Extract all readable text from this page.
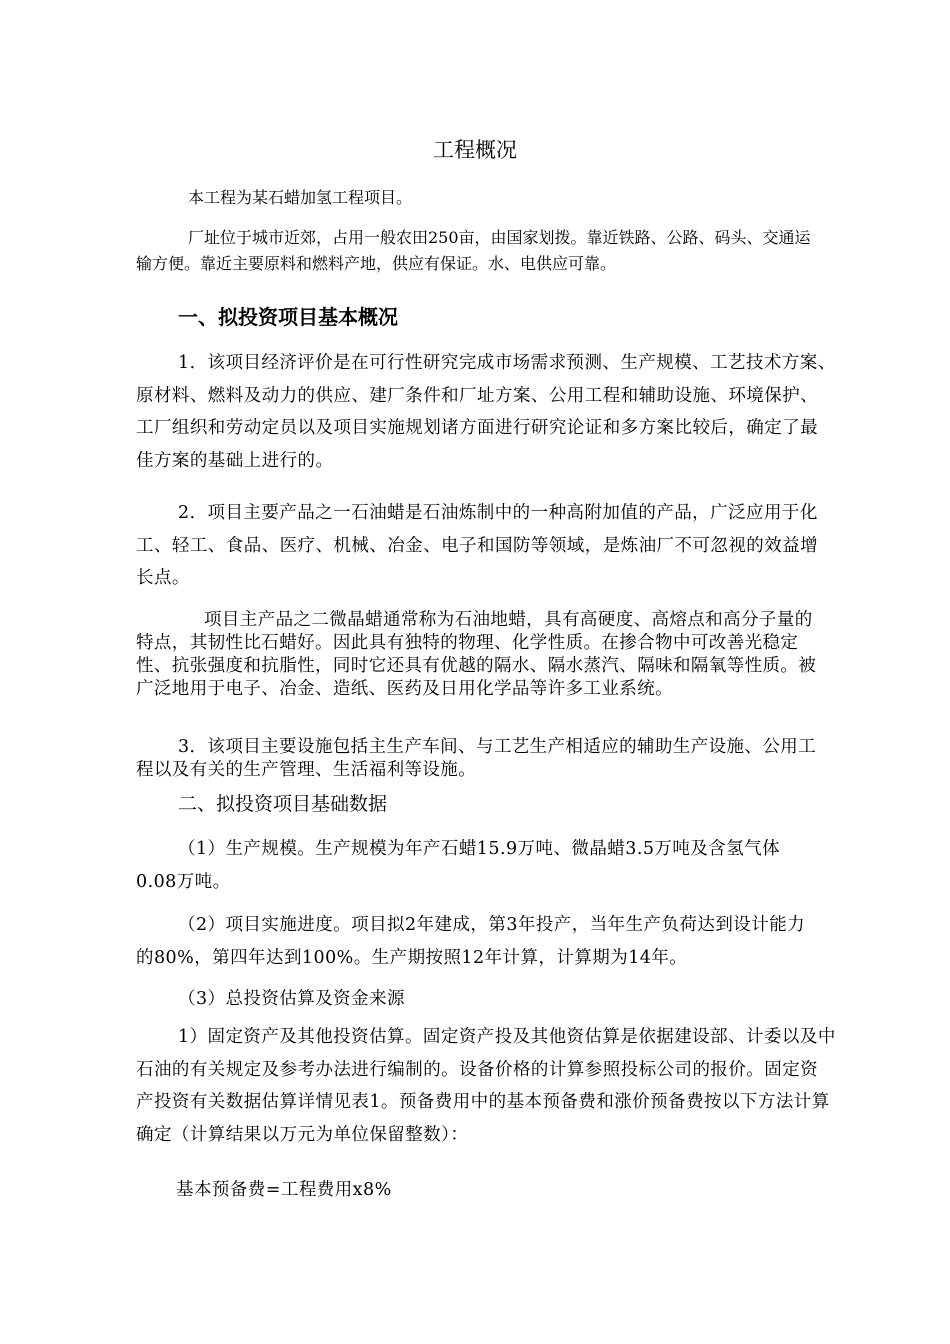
工程概况

本工程为某石蜡加氢工程项目。

厂址位于城市近郊，占用一般农田250亩，由国家划拨。靠近铁路、公路、码头、交通运输方便。靠近主要原料和燃料产地，供应有保证。水、电供应可靠。

一、拟投资项目基本概况

1．该项目经济评价是在可行性研究完成市场需求预测、生产规模、工艺技术方案、原材料、燃料及动力的供应、建厂条件和厂址方案、公用工程和辅助设施、环境保护、工厂组织和劳动定员以及项目实施规划诸方面进行研究论证和多方案比较后，确定了最佳方案的基础上进行的。

2．项目主要产品之一石油蜡是石油炼制中的一种高附加值的产品，广泛应用于化工、轻工、食品、医疗、机械、冶金、电子和国防等领域，是炼油厂不可忽视的效益增长点。

项目主产品之二微晶蜡通常称为石油地蜡，具有高硬度、高熔点和高分子量的特点，其韧性比石蜡好。因此具有独特的物理、化学性质。在掺合物中可改善光稳定性、抗张强度和抗脂性，同时它还具有优越的隔水、隔水蒸汽、隔味和隔氧等性质。被广泛地用于电子、冶金、造纸、医药及日用化学品等许多工业系统。

3．该项目主要设施包括主生产车间、与工艺生产相适应的辅助生产设施、公用工程以及有关的生产管理、生活福利等设施。

二、拟投资项目基础数据

（1）生产规模。生产规模为年产石蜡15.9万吨、微晶蜡3.5万吨及含氢气体0.08万吨。

（2）项目实施进度。项目拟2年建成，第3年投产，当年生产负荷达到设计能力的80%，第四年达到100%。生产期按照12年计算，计算期为14年。

（3）总投资估算及资金来源

1）固定资产及其他投资估算。固定资产投及其他资估算是依据建设部、计委以及中石油的有关规定及参考办法进行编制的。设备价格的计算参照投标公司的报价。固定资产投资有关数据估算详情见表1。预备费用中的基本预备费和涨价预备费按以下方法计算确定（计算结果以万元为单位保留整数）：

基本预备费=工程费用x8%
